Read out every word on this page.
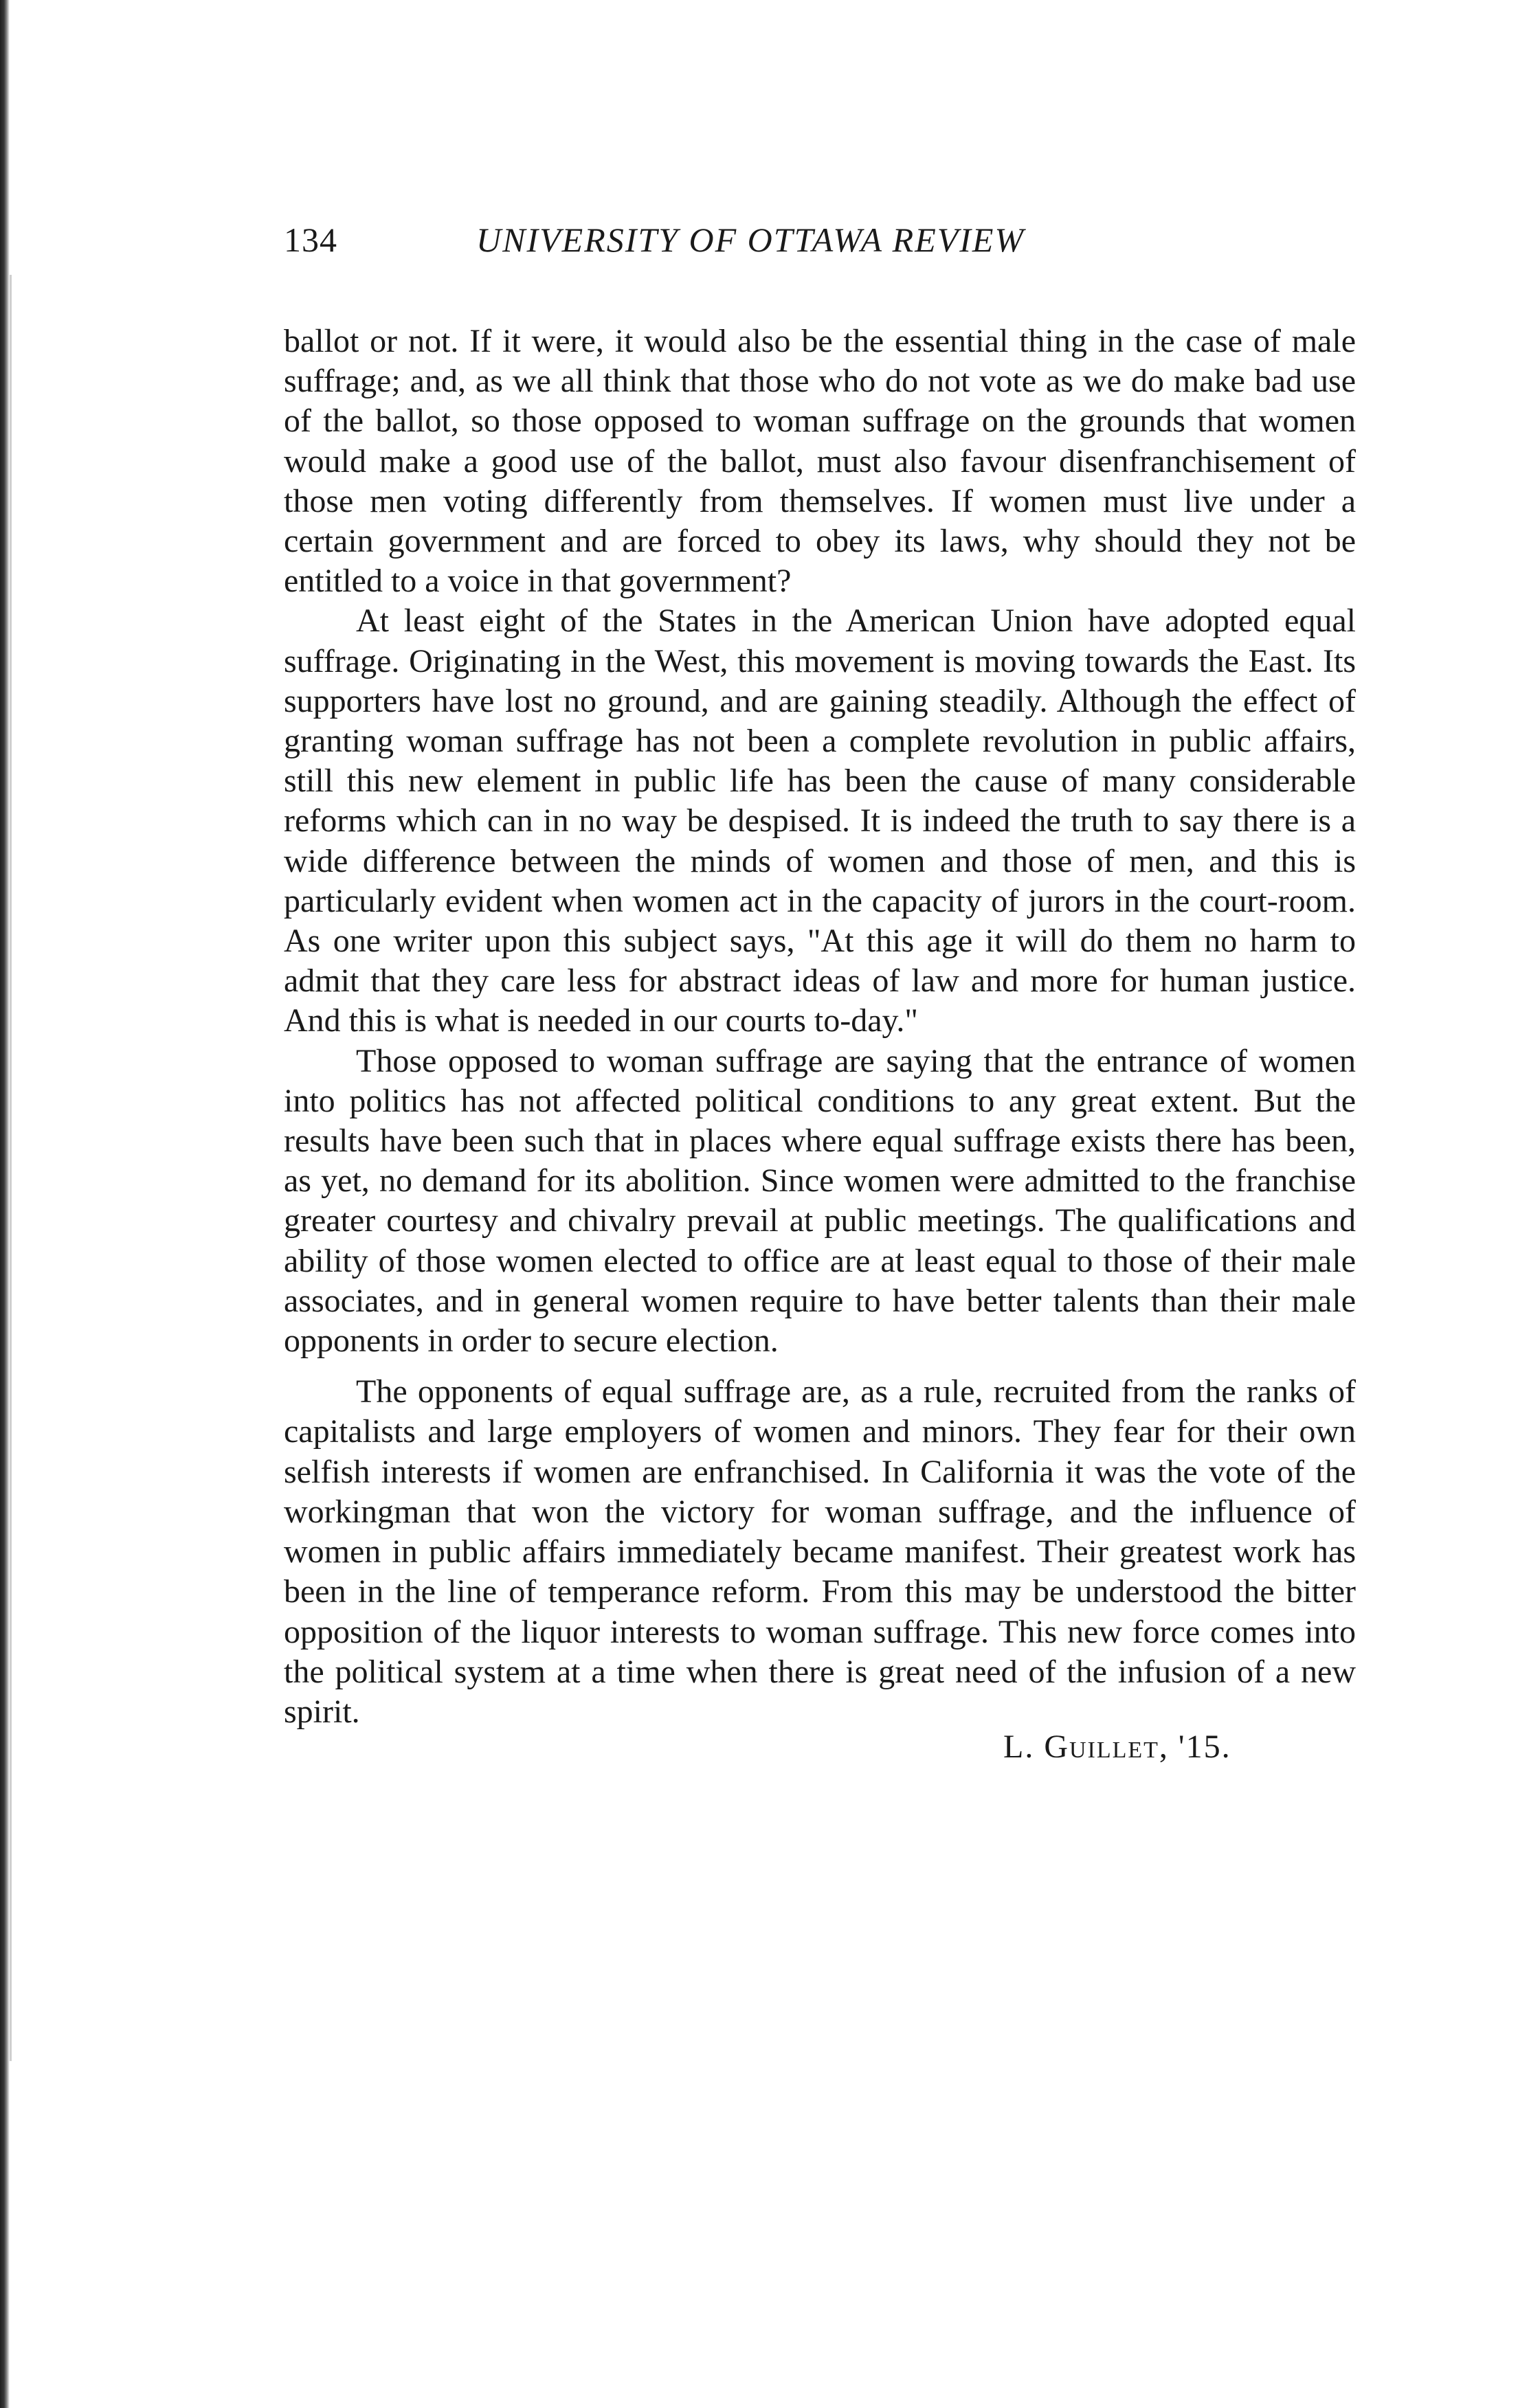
134	UNIVERSITY OF OTTAWA REVIEW

ballot or not. If it were, it would also be the essential thing in the case of male suffrage; and, as we all think that those who do not vote as we do make bad use of the ballot, so those opposed to woman suffrage on the grounds that women would make a good use of the ballot, must also favour disenfranchisement of those men voting differently from themselves. If women must live under a certain government and are forced to obey its laws, why should they not be entitled to a voice in that government?

At least eight of the States in the American Union have adopted equal suffrage. Originating in the West, this movement is moving towards the East. Its supporters have lost no ground, and are gaining steadily. Although the effect of granting woman suffrage has not been a complete revolution in public affairs, still this new element in public life has been the cause of many considerable reforms which can in no way be despised. It is indeed the truth to say there is a wide difference between the minds of women and those of men, and this is particularly evident when women act in the capacity of jurors in the court-room. As one writer upon this subject says, "At this age it will do them no harm to admit that they care less for abstract ideas of law and more for human justice. And this is what is needed in our courts to-day."

Those opposed to woman suffrage are saying that the entrance of women into politics has not affected political conditions to any great extent. But the results have been such that in places where equal suffrage exists there has been, as yet, no demand for its abolition. Since women were admitted to the franchise greater courtesy and chivalry prevail at public meetings. The qualifications and ability of those women elected to office are at least equal to those of their male associates, and in general women require to have better talents than their male opponents in order to secure election.

The opponents of equal suffrage are, as a rule, recruited from the ranks of capitalists and large employers of women and minors. They fear for their own selfish interests if women are enfranchised. In California it was the vote of the workingman that won the victory for woman suffrage, and the influence of women in public affairs immediately became manifest. Their greatest work has been in the line of temperance reform. From this may be understood the bitter opposition of the liquor interests to woman suffrage. This new force comes into the political system at a time when there is great need of the infusion of a new spirit.

L. Guillet, '15.
